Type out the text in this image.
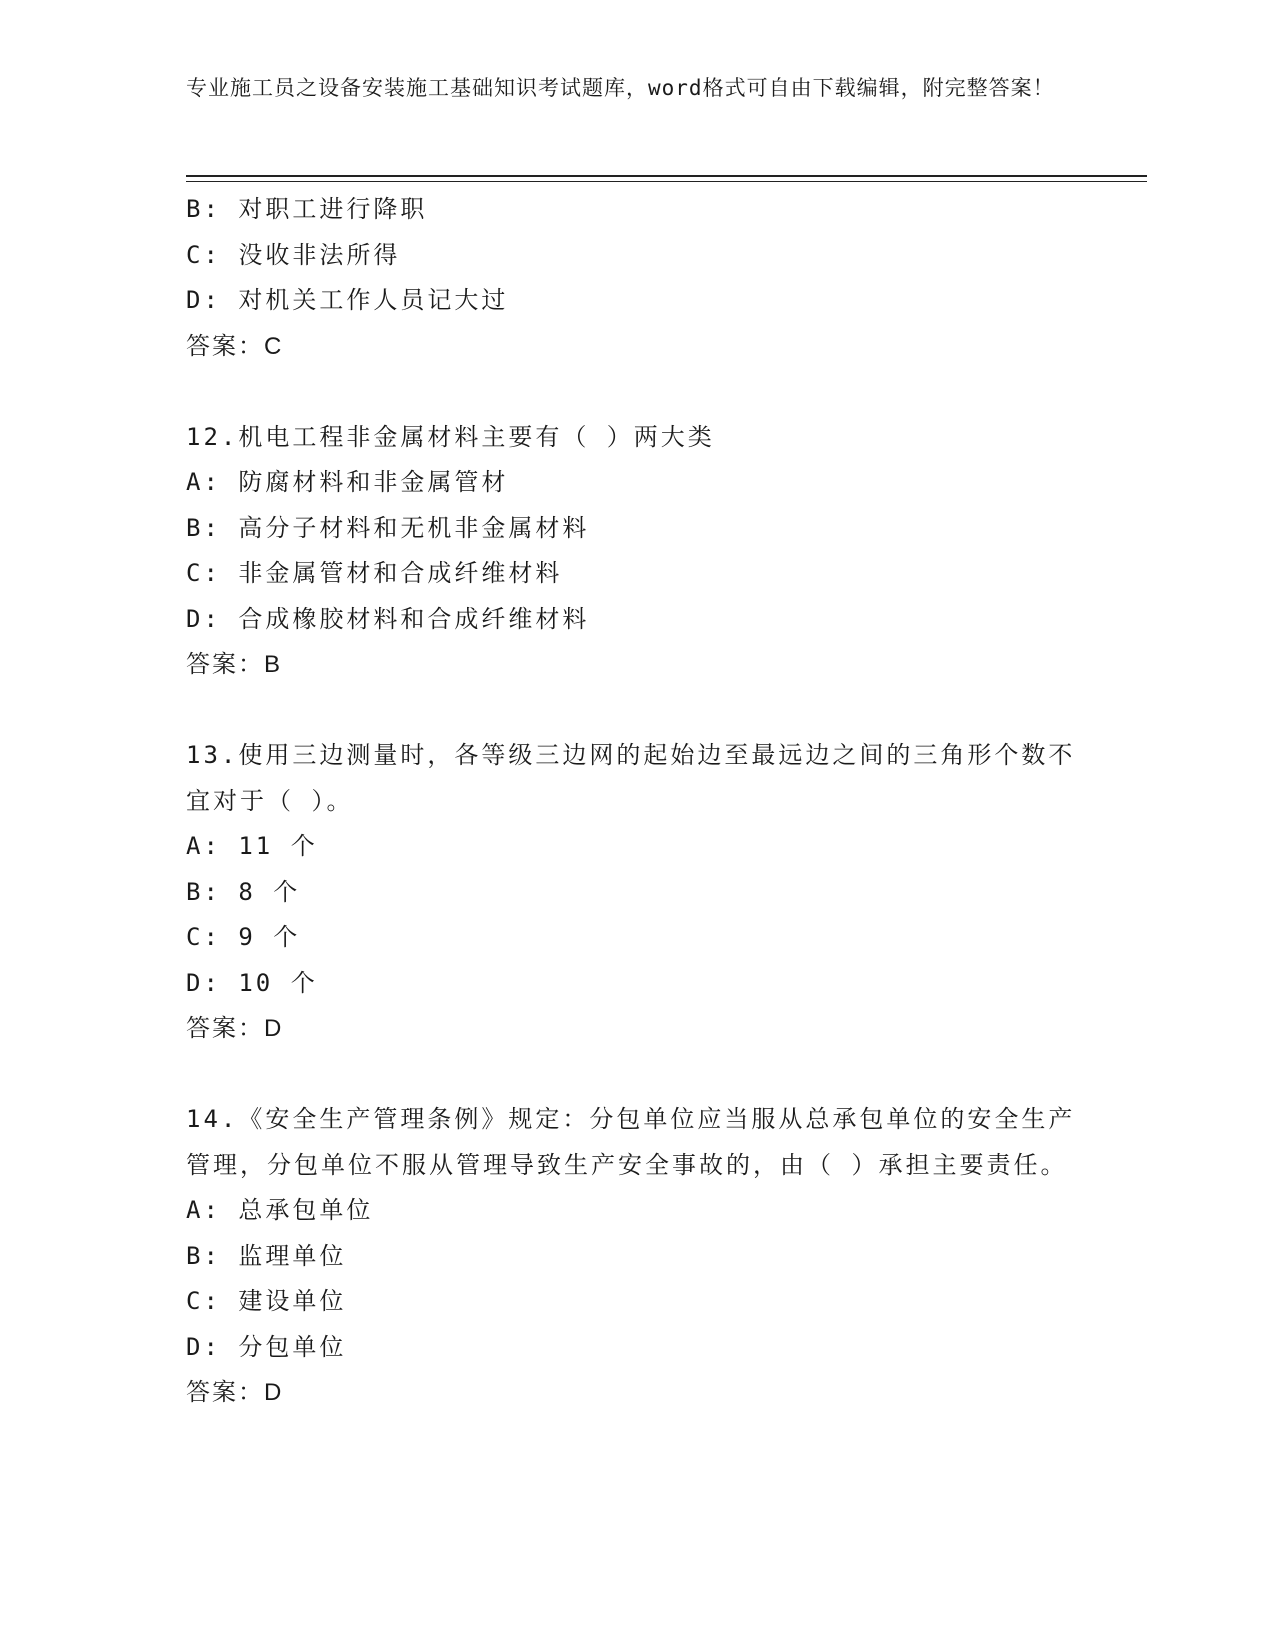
专业施工员之设备安装施工基础知识考试题库，word格式可自由下载编辑，附完整答案！
B: 对职工进行降职
C: 没收非法所得
D: 对机关工作人员记大过
答案：C
12.机电工程非金属材料主要有（ ）两大类
A: 防腐材料和非金属管材
B: 高分子材料和无机非金属材料
C: 非金属管材和合成纤维材料
D: 合成橡胶材料和合成纤维材料
答案：B
13.使用三边测量时，各等级三边网的起始边至最远边之间的三角形个数不宜对于（ ）。
A: 11 个
B: 8 个
C: 9 个
D: 10 个
答案：D
14.《安全生产管理条例》规定：分包单位应当服从总承包单位的安全生产管理，分包单位不服从管理导致生产安全事故的，由（ ）承担主要责任。
A: 总承包单位
B: 监理单位
C: 建设单位
D: 分包单位
答案：D
